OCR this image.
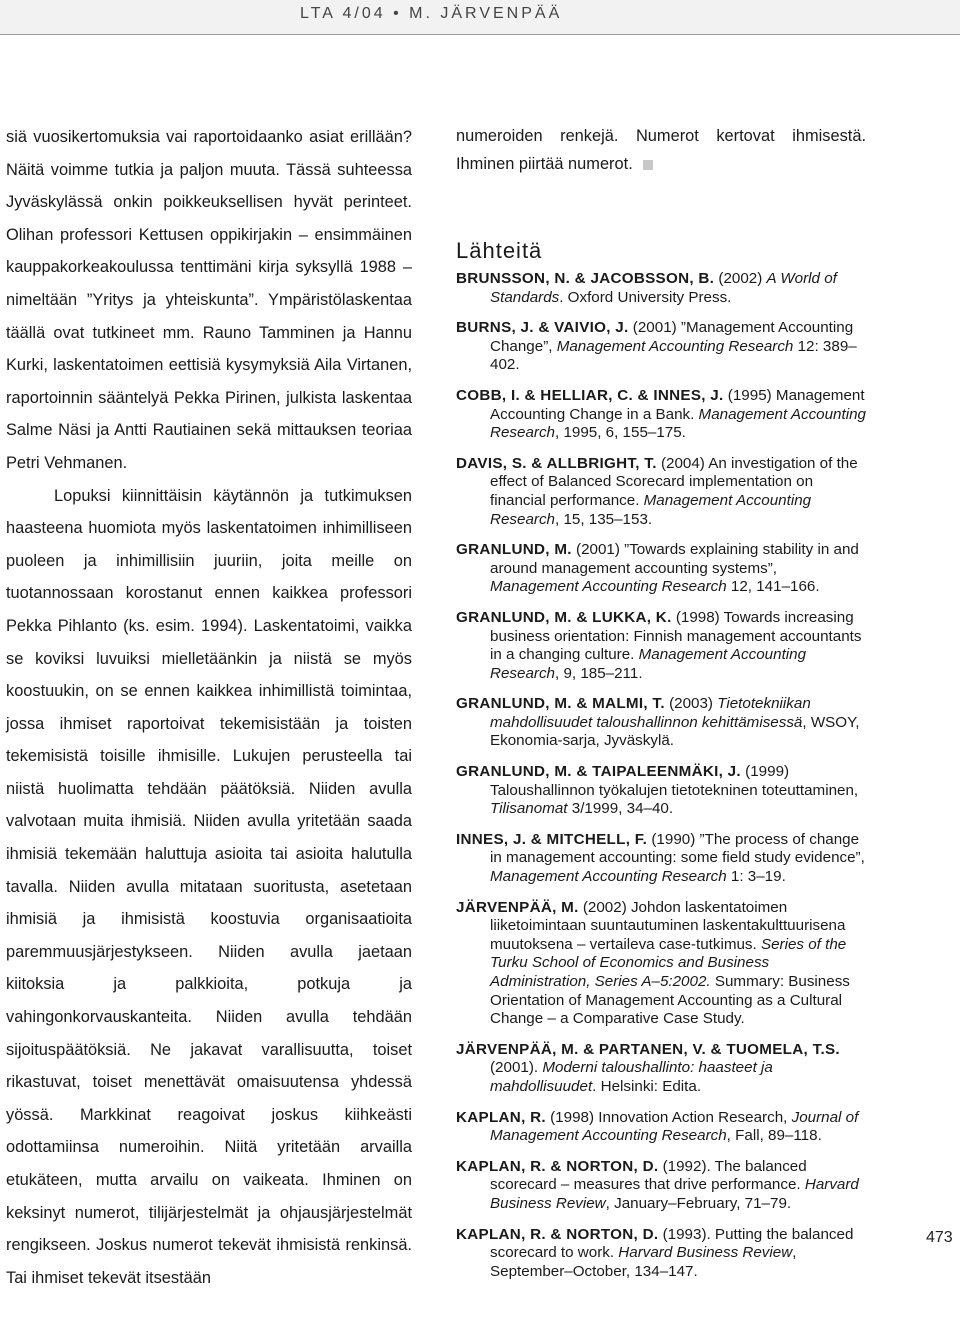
LTA 4/04 • M. JÄRVENPÄÄ

siä vuosikertomuksia vai raportoidaanko asiat erillään? Näitä voimme tutkia ja paljon muuta. Tässä suhteessa Jyväskylässä onkin poikkeuksellisen hyvät perinteet. Olihan professori Kettusen oppikirjakin – ensimmäinen kauppakorkeakoulussa tenttimäni kirja syksyllä 1988 – nimeltään ”Yritys ja yhteiskunta”. Ympäristölaskentaa täällä ovat tutkineet mm. Rauno Tamminen ja Hannu Kurki, laskentatoimen eettisiä kysymyksiä Aila Virtanen, raportoinnin sääntelyä Pekka Pirinen, julkista laskentaa Salme Näsi ja Antti Rautiainen sekä mittauksen teoriaa Petri Vehmanen.

Lopuksi kiinnittäisin käytännön ja tutkimuksen haasteena huomiota myös laskentatoimen inhimilliseen puoleen ja inhimillisiin juuriin, joita meille on tuotannossaan korostanut ennen kaikkea professori Pekka Pihlanto (ks. esim. 1994). Laskentatoimi, vaikka se koviksi luvuiksi mielletäänkin ja niistä se myös koostuukin, on se ennen kaikkea inhimillistä toimintaa, jossa ihmiset raportoivat tekemisistään ja toisten tekemisistä toisille ihmisille. Lukujen perusteella tai niistä huolimatta tehdään päätöksiä. Niiden avulla valvotaan muita ihmisiä. Niiden avulla yritetään saada ihmisiä tekemään haluttuja asioita tai asioita halutulla tavalla. Niiden avulla mitataan suoritusta, asetetaan ihmisiä ja ihmisistä koostuvia organisaatioita paremmuusjärjestykseen. Niiden avulla jaetaan kiitoksia ja palkkioita, potkuja ja vahingonkorvauskanteita. Niiden avulla tehdään sijoituspäätöksiä. Ne jakavat varallisuutta, toiset rikastuvat, toiset menettävät omaisuutensa yhdessä yössä. Markkinat reagoivat joskus kiihkeästi odottamiinsa numeroihin. Niitä yritetään arvailla etukäteen, mutta arvailu on vaikeata. Ihminen on keksinyt numerot, tilijärjestelmät ja ohjausjärjestelmät rengikseen. Joskus numerot tekevät ihmisistä renkinsä. Tai ihmiset tekevät itsestään

numeroiden renkejä. Numerot kertovat ihmisestä. Ihminen piirtää numerot.

Lähteitä

BRUNSSON, N. & JACOBSSON, B. (2002) A World of Standards. Oxford University Press.

BURNS, J. & VAIVIO, J. (2001) ”Management Accounting Change”, Management Accounting Research 12: 389–402.

COBB, I. & HELLIAR, C. & INNES, J. (1995) Management Accounting Change in a Bank. Management Accounting Research, 1995, 6, 155–175.

DAVIS, S. & ALLBRIGHT, T. (2004) An investigation of the effect of Balanced Scorecard implementation on financial performance. Management Accounting Research, 15, 135–153.

GRANLUND, M. (2001) ”Towards explaining stability in and around management accounting systems”, Management Accounting Research 12, 141–166.

GRANLUND, M. & LUKKA, K. (1998) Towards increasing business orientation: Finnish management accountants in a changing culture. Management Accounting Research, 9, 185–211.

GRANLUND, M. & MALMI, T. (2003) Tietotekniikan mahdollisuudet taloushallinnon kehittämisessä, WSOY, Ekonomia-sarja, Jyväskylä.

GRANLUND, M. & TAIPALEENMÄKI, J. (1999) Taloushallinnon työkalujen tietotekninen toteuttaminen, Tilisanomat 3/1999, 34–40.

INNES, J. & MITCHELL, F. (1990) ”The process of change in management accounting: some field study evidence”, Management Accounting Research 1: 3–19.

JÄRVENPÄÄ, M. (2002) Johdon laskentatoimen liiketoimintaan suuntautuminen laskentakulttuurisena muutoksena – vertaileva case-tutkimus. Series of the Turku School of Economics and Business Administration, Series A–5:2002. Summary: Business Orientation of Management Accounting as a Cultural Change – a Comparative Case Study.

JÄRVENPÄÄ, M. & PARTANEN, V. & TUOMELA, T.S. (2001). Moderni taloushallinto: haasteet ja mahdollisuudet. Helsinki: Edita.

KAPLAN, R. (1998) Innovation Action Research, Journal of Management Accounting Research, Fall, 89–118.

KAPLAN, R. & NORTON, D. (1992). The balanced scorecard – measures that drive performance. Harvard Business Review, January–February, 71–79.

KAPLAN, R. & NORTON, D. (1993). Putting the balanced scorecard to work. Harvard Business Review, September–October, 134–147.

473
